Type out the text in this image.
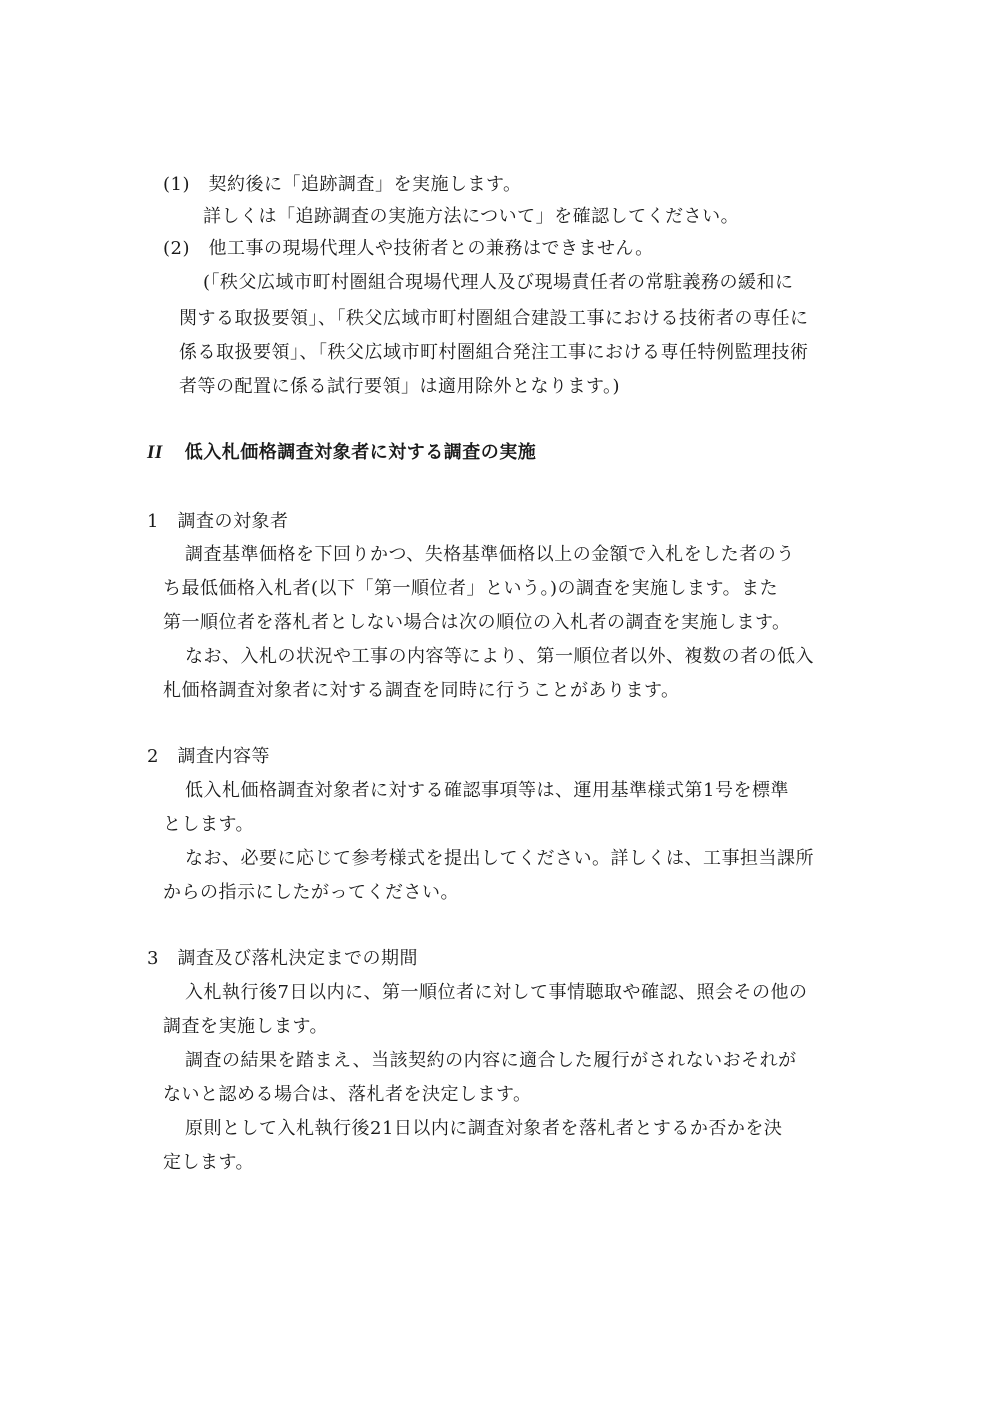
(1)　契約後に「追跡調査」を実施します。
詳しくは「追跡調査の実施方法について」を確認してください。
(2)　他工事の現場代理人や技術者との兼務はできません。
(「秩父広域市町村圏組合現場代理人及び現場責任者の常駐義務の緩和に
関する取扱要領」、「秩父広域市町村圏組合建設工事における技術者の専任に
係る取扱要領」、「秩父広域市町村圏組合発注工事における専任特例監理技術
者等の配置に係る試行要領」は適用除外となります。)
II 低入札価格調査対象者に対する調査の実施
1　調査の対象者
調査基準価格を下回りかつ、失格基準価格以上の金額で入札をした者のう
ち最低価格入札者(以下「第一順位者」という。)の調査を実施します。また
第一順位者を落札者としない場合は次の順位の入札者の調査を実施します。
なお、入札の状況や工事の内容等により、第一順位者以外、複数の者の低入
札価格調査対象者に対する調査を同時に行うことがあります。
2　調査内容等
低入札価格調査対象者に対する確認事項等は、運用基準様式第1号を標準
とします。
なお、必要に応じて参考様式を提出してください。詳しくは、工事担当課所
からの指示にしたがってください。
3　調査及び落札決定までの期間
入札執行後7日以内に、第一順位者に対して事情聴取や確認、照会その他の
調査を実施します。
調査の結果を踏まえ、当該契約の内容に適合した履行がされないおそれが
ないと認める場合は、落札者を決定します。
原則として入札執行後21日以内に調査対象者を落札者とするか否かを決
定します。
